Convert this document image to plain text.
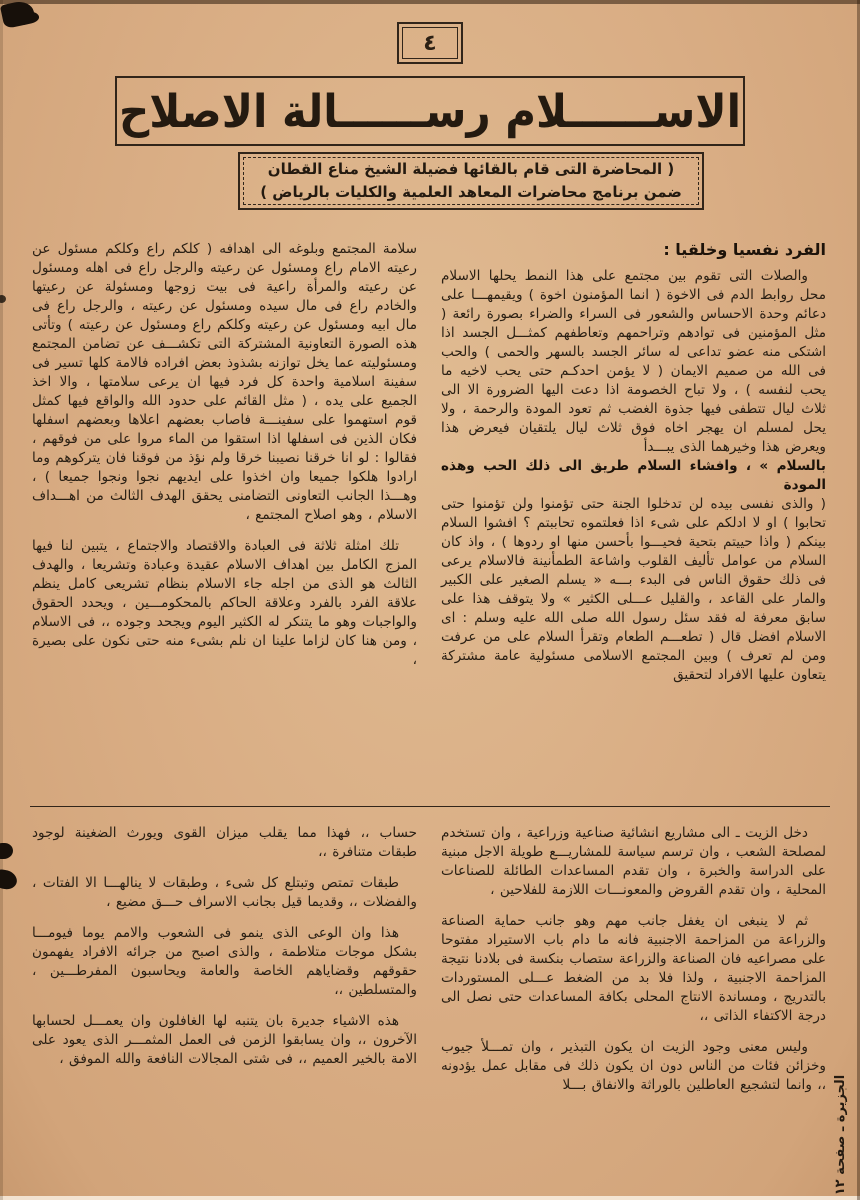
٤
الاســــــلام رســــــالة الاصلاح
( المحاضرة التى قام بالقائها فضيلة الشيخ مناع القطان
ضمن برنامج محاضرات المعاهد العلمية والكليات بالرياض )
الفرد نفسيا وخلقيا :

والصلات التى تقوم بين مجتمع على هذا النمط يحلها الاسلام محل روابط الدم فى الاخوة ( انما المؤمنون اخوة ) ويقيمهـــا على دعائم وحدة الاحساس والشعور فى السراء والضراء بصورة رائعة ( مثل المؤمنين فى توادهم وتراحمهم وتعاطفهم كمثـــل الجسد اذا اشتكى منه عضو تداعى له سائر الجسد بالسهر والحمى ) والحب فى الله من صميم الايمان ( لا يؤمن احدكـم حتى يحب لاخيه ما يحب لنفسه ) ، ولا تباح الخصومة اذا دعت اليها الضرورة الا الى ثلاث ليال تتطفى فيها جذوة الغضب ثم تعود المودة والرحمة ، ولا يحل لمسلم ان يهجر اخاه فوق ثلاث ليال يلتقيان فيعرض هذا ويعرض هذا وخيرهما الذى يبـــدأ

بالسلام » ، وافشاء السلام طريق الى ذلك الحب وهذه المودة

( والذى نفسى بيده لن تدخلوا الجنة حتى تؤمنوا ولن تؤمنوا حتى تحابوا ) او لا ادلكم على شىء اذا فعلتموه تحاببتم ؟ افشوا السلام بينكم ( واذا حييتم بتحية فحيـــوا بأحسن منها او ردوها ) ، واذ كان السلام من عوامل تأليف القلوب واشاعة الطمأنينة فالاسلام يرعى فى ذلك حقوق الناس فى البدء بـــه « يسلم الصغير على الكبير والمار على القاعد ، والقليل عـــلى الكثير » ولا يتوقف هذا على سابق معرفة له فقد سئل رسول الله صلى الله عليه وسلم : اى الاسلام افضل قال ( تطعـــم الطعام وتقرأ السلام على من عرفت ومن لم تعرف ) وبين المجتمع الاسلامى مسئولية عامة مشتركة يتعاون عليها الافراد لتحقيق

سلامة المجتمع وبلوغه الى اهدافه ( كلكم راع وكلكم مسئول عن رعيته الامام راع ومسئول عن رعيته والرجل راع فى اهله ومسئول عن رعيته والمرأة راعية فى بيت زوجها ومسئولة عن رعيتها والخادم راع فى مال سيده ومسئول عن رعيته ، والرجل راع فى مال ابيه ومسئول عن رعيته وكلكم راع ومسئول عن رعيته ) وتأتى هذه الصورة التعاونية المشتركة التى تكشـــف عن تضامن المجتمع ومسئوليته عما يخل توازنه بشذوذ بعض افراده فالامة كلها تسير فى سفينة اسلامية واحدة كل فرد فيها ان يرعى سلامتها ، والا اخذ الجميع على يده ، ( مثل القائم على حدود الله والواقع فيها كمثل قوم استهموا على سفينـــة فاصاب بعضهم اعلاها وبعضهم اسفلها فكان الذين فى اسفلها اذا استقوا من الماء مروا على من فوقهم ، فقالوا : لو انا خرقنا نصيبنا خرقا ولم نؤذ من فوقنا فان يتركوهم وما ارادوا هلكوا جميعا وان اخذوا على ايديهم نجوا ونجوا جميعا ) ، وهـــذا الجانب التعاونى التضامنى يحقق الهدف الثالث من اهـــداف الاسلام ، وهو اصلاح المجتمع ،

تلك امثلة ثلاثة فى العبادة والاقتصاد والاجتماع ، يتبين لنا فيها المزج الكامل بين اهداف الاسلام عقيدة وعبادة وتشريعا ، والهدف الثالث هو الذى من اجله جاء الاسلام بنظام تشريعى كامل ينظم علاقة الفرد بالفرد وعلاقة الحاكم بالمحكومـــين ، ويحدد الحقوق والواجبات وهو ما يتنكر له الكثير اليوم ويجحد وجوده ،، فى الاسلام ، ومن هنا كان لزاما علينا ان نلم بشىء منه حتى نكون على بصيرة ،

دخل الزيت ـ الى مشاريع انشائية صناعية وزراعية ، وان تستخدم لمصلحة الشعب ، وان ترسم سياسة للمشاريـــع طويلة الاجل مبنية على الدراسة والخبرة ، وان تقدم المساعدات الطائلة للصناعات المحلية ، وان تقدم القروض والمعونـــات اللازمة للفلاحين ،

ثم لا ينبغى ان يغفل جانب مهم وهو جانب حماية الصناعة والزراعة من المزاحمة الاجنبية فانه ما دام باب الاستيراد مفتوحا على مصراعيه فان الصناعة والزراعة ستصاب بنكسة فى بلادنا نتيجة المزاحمة الاجنبية ، ولذا فلا بد من الضغط عـــلى المستوردات بالتدريج ، ومساندة الانتاج المحلى بكافة المساعدات حتى نصل الى درجة الاكتفاء الذاتى ،،

وليس معنى وجود الزيت ان يكون التبذير ، وان تمـــلأ جيوب وخزائن فئات من الناس دون ان يكون ذلك فى مقابل عمل يؤدونه ،، وانما لتشجيع العاطلين بالوراثة والانفاق بـــلا

حساب ،، فهذا مما يقلب ميزان القوى ويورث الضغينة لوجود طبقات متنافرة ،،

طبقات تمتص وتبتلع كل شىء ، وطبقات لا ينالهـــا الا الفتات ، والفضلات ،، وقديما قيل بجانب الاسراف حـــق مضيع ،

هذا وان الوعى الذى ينمو فى الشعوب والامم يوما فيومـــا بشكل موجات متلاطمة ، والذى اصبح من جرائه الافراد يفهمون حقوقهم وقضاياهم الخاصة والعامة ويحاسبون المفرطـــين ، والمتسلطين ،،

هذه الاشياء جديرة بان يتنبه لها الغافلون وان يعمـــل لحسابها الآخرون ،، وان يسابقوا الزمن فى العمل المثمـــر الذى يعود على الامة بالخير العميم ،، فى شتى المجالات النافعة والله الموفق ،

الجزيرة ـ صفحة ١٢
